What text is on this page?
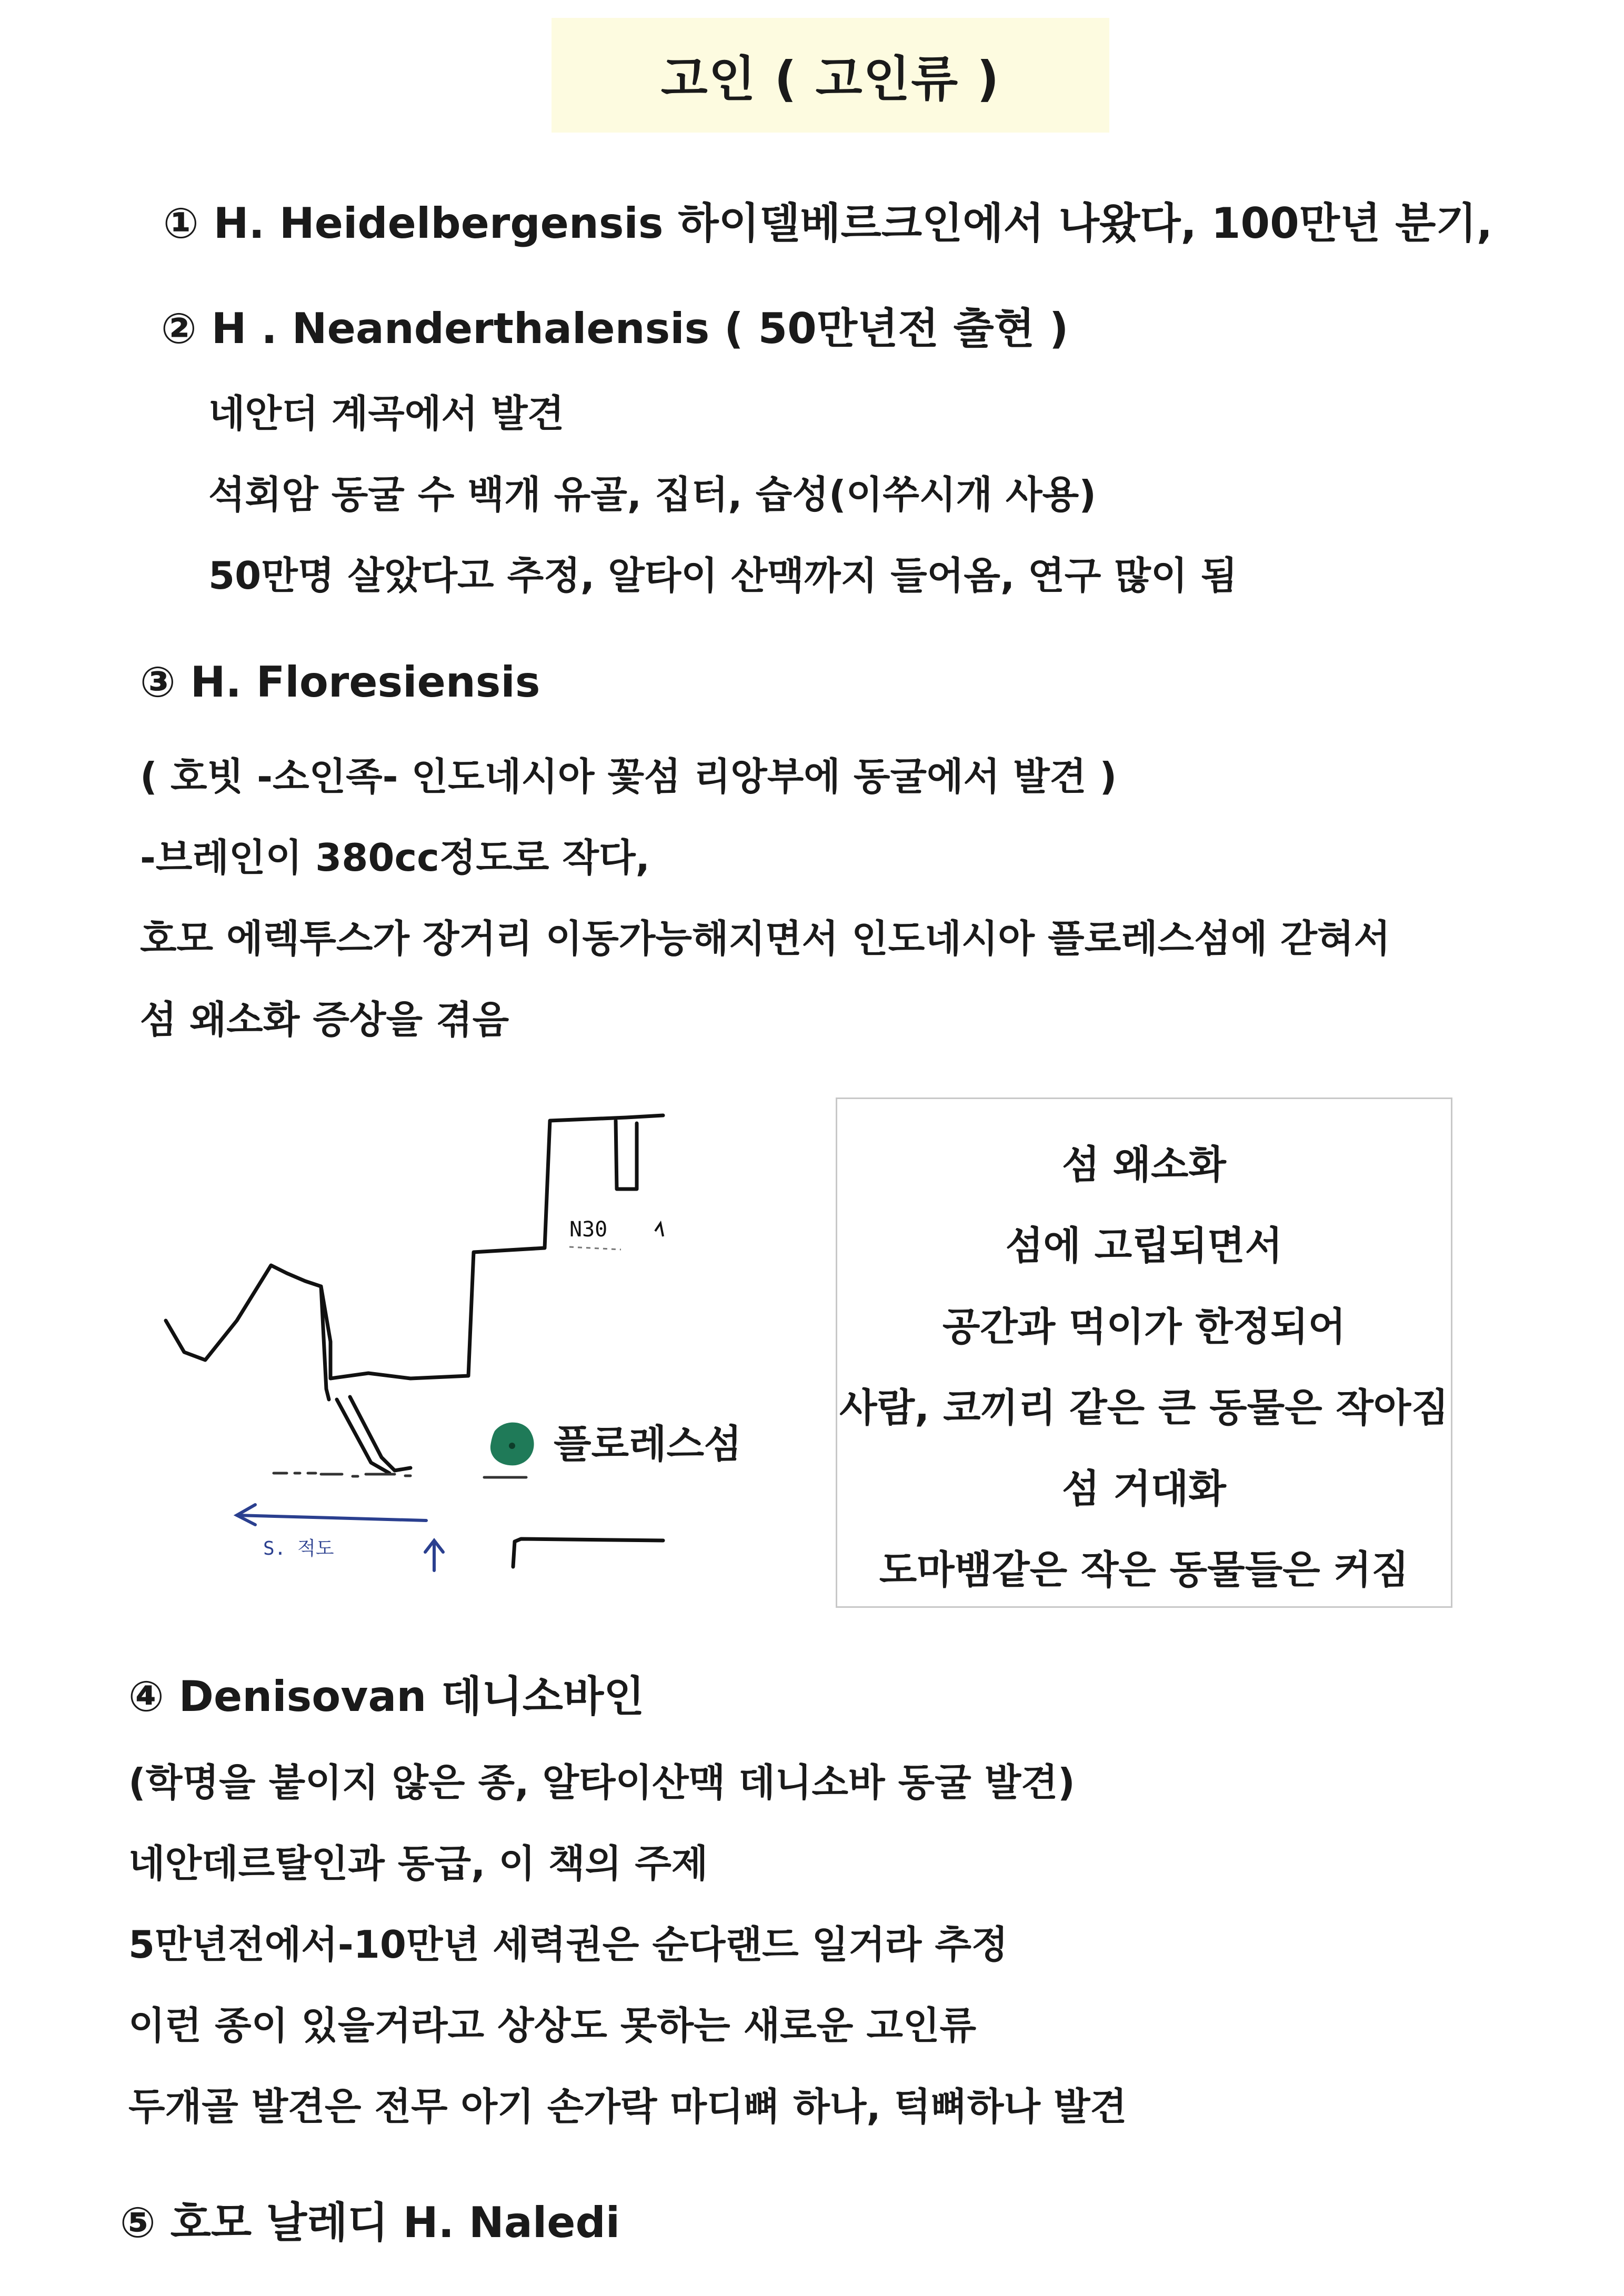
고인 ( 고인류 )
① H. Heidelbergensis 하이델베르크인에서 나왔다, 100만년 분기,
② H . Neanderthalensis ( 50만년전 출현 )
네안더 계곡에서 발견
석회암 동굴 수 백개 유골, 집터, 습성(이쑤시개 사용)
50만명 살았다고 추정, 알타이 산맥까지 들어옴, 연구 많이 됨
③ H. Floresiensis
( 호빗 -소인족- 인도네시아 꽃섬 리앙부에 동굴에서 발견 )
-브레인이 380cc정도로 작다,
호모 에렉투스가 장거리 이동가능해지면서 인도네시아 플로레스섬에 갇혀서
섬 왜소화 증상을 겪음
N30
플로레스섬
S. 적도
섬 왜소화
섬에 고립되면서
공간과 먹이가 한정되어
사람, 코끼리 같은 큰 동물은 작아짐
섬 거대화
도마뱀같은 작은 동물들은 커짐
④ Denisovan 데니소바인
(학명을 붙이지 않은 종, 알타이산맥 데니소바 동굴 발견)
네안데르탈인과 동급, 이 책의 주제
5만년전에서-10만년 세력권은 순다랜드 일거라 추정
이런 종이 있을거라고 상상도 못하는 새로운 고인류
두개골 발견은 전무 아기 손가락 마디뼈 하나, 턱뼈하나 발견
⑤ 호모 날레디 H. Naledi
